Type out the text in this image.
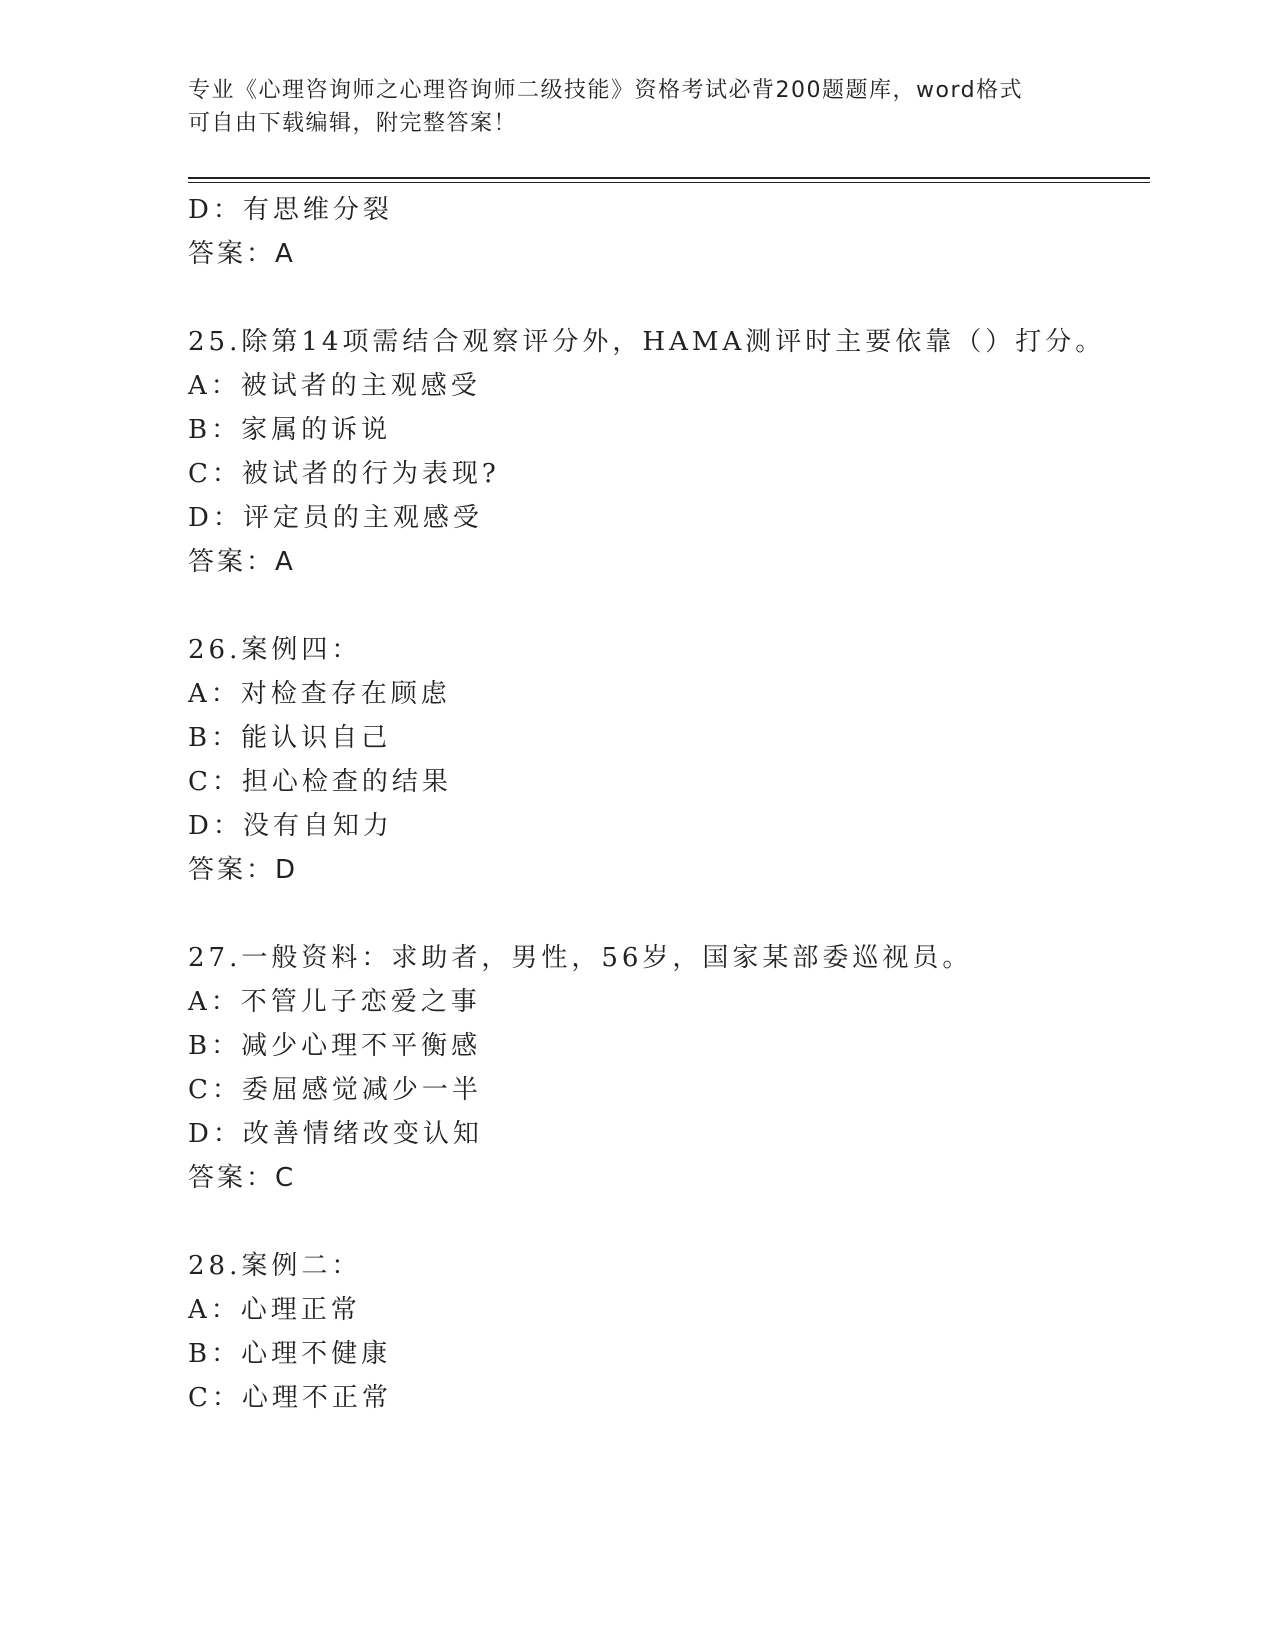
专业《心理咨询师之心理咨询师二级技能》资格考试必背200题题库，word格式
可自由下载编辑，附完整答案！
D：有思维分裂
答案：A
25.除第14项需结合观察评分外，HAMA测评时主要依靠（）打分。
A：被试者的主观感受
B：家属的诉说
C：被试者的行为表现?
D：评定员的主观感受
答案：A
26.案例四：
A：对检查存在顾虑
B：能认识自己
C：担心检查的结果
D：没有自知力
答案：D
27.一般资料：求助者，男性，56岁，国家某部委巡视员。
A：不管儿子恋爱之事
B：减少心理不平衡感
C：委屈感觉减少一半
D：改善情绪改变认知
答案：C
28.案例二：
A：心理正常
B：心理不健康
C：心理不正常
